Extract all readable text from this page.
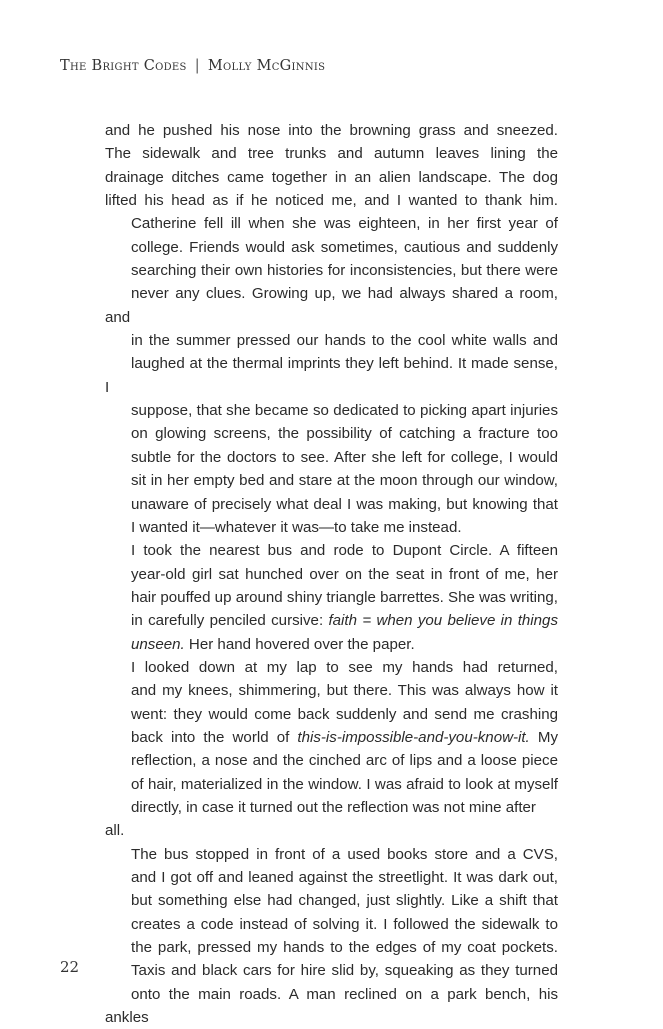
The Bright Codes | Molly McGinnis

and he pushed his nose into the browning grass and sneezed.
The sidewalk and tree trunks and autumn leaves lining the
drainage ditches came together in an alien landscape. The dog
lifted his head as if he noticed me, and I wanted to thank him.

Catherine fell ill when she was eighteen, in her first year of
college. Friends would ask sometimes, cautious and suddenly
searching their own histories for inconsistencies, but there were
never any clues. Growing up, we had always shared a room, and
in the summer pressed our hands to the cool white walls and
laughed at the thermal imprints they left behind. It made sense, I
suppose, that she became so dedicated to picking apart injuries
on glowing screens, the possibility of catching a fracture too
subtle for the doctors to see. After she left for college, I would
sit in her empty bed and stare at the moon through our window,
unaware of precisely what deal I was making, but knowing that
I wanted it—whatever it was—to take me instead.

I took the nearest bus and rode to Dupont Circle. A fifteen
year-old girl sat hunched over on the seat in front of me, her
hair pouffed up around shiny triangle barrettes. She was writing,
in carefully penciled cursive: faith = when you believe in things
unseen. Her hand hovered over the paper.

I looked down at my lap to see my hands had returned,
and my knees, shimmering, but there. This was always how it
went: they would come back suddenly and send me crashing
back into the world of this-is-impossible-and-you-know-it. My
reflection, a nose and the cinched arc of lips and a loose piece
of hair, materialized in the window. I was afraid to look at myself
directly, in case it turned out the reflection was not mine after all.

The bus stopped in front of a used books store and a CVS,
and I got off and leaned against the streetlight. It was dark out,
but something else had changed, just slightly. Like a shift that
creates a code instead of solving it. I followed the sidewalk to
the park, pressed my hands to the edges of my coat pockets.
Taxis and black cars for hire slid by, squeaking as they turned
onto the main roads. A man reclined on a park bench, his ankles

22
